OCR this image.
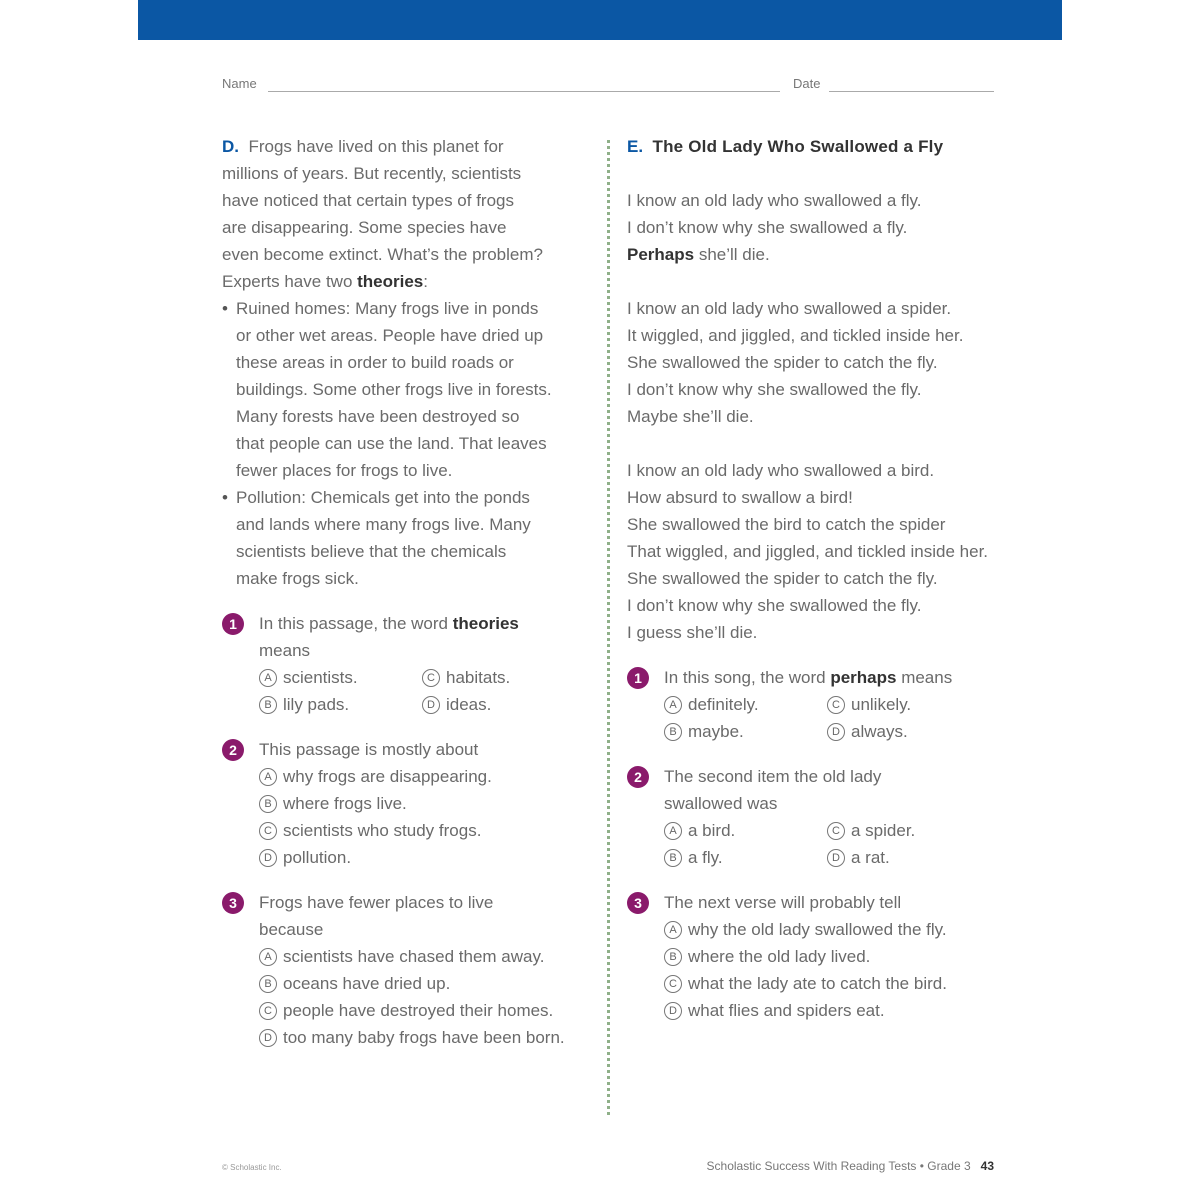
Name	Date

D. Frogs have lived on this planet for
millions of years. But recently, scientists
have noticed that certain types of frogs
are disappearing. Some species have
even become extinct. What’s the problem?
Experts have two theories:

• Ruined homes: Many frogs live in ponds
or other wet areas. People have dried up
these areas in order to build roads or
buildings. Some other frogs live in forests.
Many forests have been destroyed so
that people can use the land. That leaves
fewer places for frogs to live.
• Pollution: Chemicals get into the ponds
and lands where many frogs live. Many
scientists believe that the chemicals
make frogs sick.
1	In this passage, the word theories
means

A scientists.	C habitats.
B lily pads.	D ideas.
2	This passage is mostly about

A why frogs are disappearing.
B where frogs live.
C scientists who study frogs.
D pollution.
3	Frogs have fewer places to live
because

A scientists have chased them away.
B oceans have dried up.
C people have destroyed their homes.
D too many baby frogs have been born.

E. The Old Lady Who Swallowed a Fly

I know an old lady who swallowed a fly.
I don’t know why she swallowed a fly.
Perhaps she’ll die.
I know an old lady who swallowed a spider.
It wiggled, and jiggled, and tickled inside her.
She swallowed the spider to catch the fly.
I don’t know why she swallowed the fly.
Maybe she’ll die.
I know an old lady who swallowed a bird.
How absurd to swallow a bird!
She swallowed the bird to catch the spider
That wiggled, and jiggled, and tickled inside her.
She swallowed the spider to catch the fly.
I don’t know why she swallowed the fly.
I guess she’ll die.
1	In this song, the word perhaps means

A definitely.	C unlikely.
B maybe.	D always.
2	The second item the old lady
swallowed was

A a bird.	C a spider.
B a fly.	D a rat.
3	The next verse will probably tell

A why the old lady swallowed the fly.
B where the old lady lived.
C what the lady ate to catch the bird.
D what flies and spiders eat.
© Scholastic Inc.	Scholastic Success With Reading Tests • Grade 3 43
